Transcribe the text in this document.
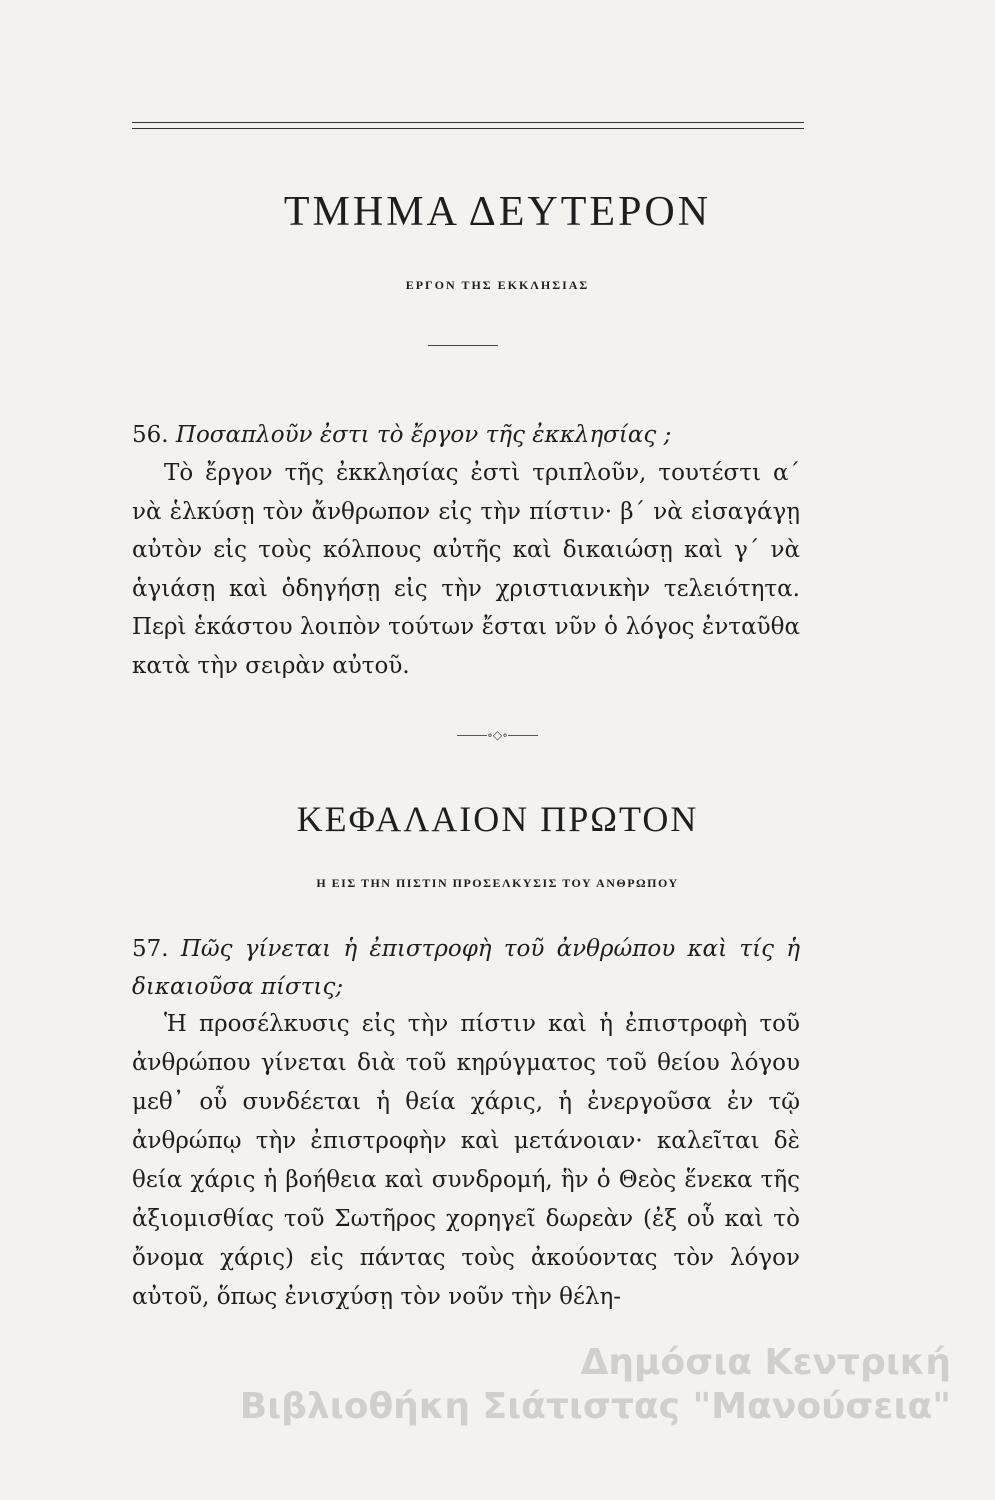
ΤΜΗΜΑ ΔΕΥΤΕΡΟΝ
ΕΡΓΟΝ ΤΗΣ ΕΚΚΛΗΣΙΑΣ

56. Ποσαπλοῦν ἐστι τὸ ἔργον τῆς ἐκκλησίας ;

Τὸ ἔργον τῆς ἐκκλησίας ἐστὶ τριπλοῦν, τουτέστι α΄ νὰ ἑλκύσῃ τὸν ἄνθρωπον εἰς τὴν πίστιν· β΄ νὰ εἰσαγάγῃ αὐτὸν εἰς τοὺς κόλπους αὐτῆς καὶ δικαιώσῃ καὶ γ΄ νὰ ἁγιάσῃ καὶ ὁδηγήσῃ εἰς τὴν χριστιανικὴν τελειότητα. Περὶ ἑκάστου λοιπὸν τούτων ἔσται νῦν ὁ λόγος ἐνταῦθα κατὰ τὴν σειρὰν αὐτοῦ.

∘◇∘
ΚΕΦΑΛΑΙΟΝ ΠΡΩΤΟΝ
Η ΕΙΣ ΤΗΝ ΠΙΣΤΙΝ ΠΡΟΣΕΛΚΥΣΙΣ ΤΟΥ ΑΝΘΡΩΠΟΥ

57. Πῶς γίνεται ἡ ἐπιστροφὴ τοῦ ἀνθρώπου καὶ τίς ἡ δικαιοῦσα πίστις;

Ἡ προσέλκυσις εἰς τὴν πίστιν καὶ ἡ ἐπιστροφὴ τοῦ ἀνθρώπου γίνεται διὰ τοῦ κηρύγματος τοῦ θείου λόγου μεθ᾽ οὗ συνδέεται ἡ θεία χάρις, ἡ ἐνεργοῦσα ἐν τῷ ἀνθρώπῳ τὴν ἐπιστροφὴν καὶ μετάνοιαν· καλεῖται δὲ θεία χάρις ἡ βοήθεια καὶ συνδρομή, ἣν ὁ Θεὸς ἕνεκα τῆς ἀξιομισθίας τοῦ Σωτῆρος χορηγεῖ δωρεὰν (ἐξ οὗ καὶ τὸ ὄνομα χάρις) εἰς πάντας τοὺς ἀκούοντας τὸν λόγον αὐτοῦ, ὅπως ἐνισχύσῃ τὸν νοῦν τὴν θέλη-

Δημόσια Κεντρική

Βιβλιοθήκη Σιάτιστας "Μανούσεια"
